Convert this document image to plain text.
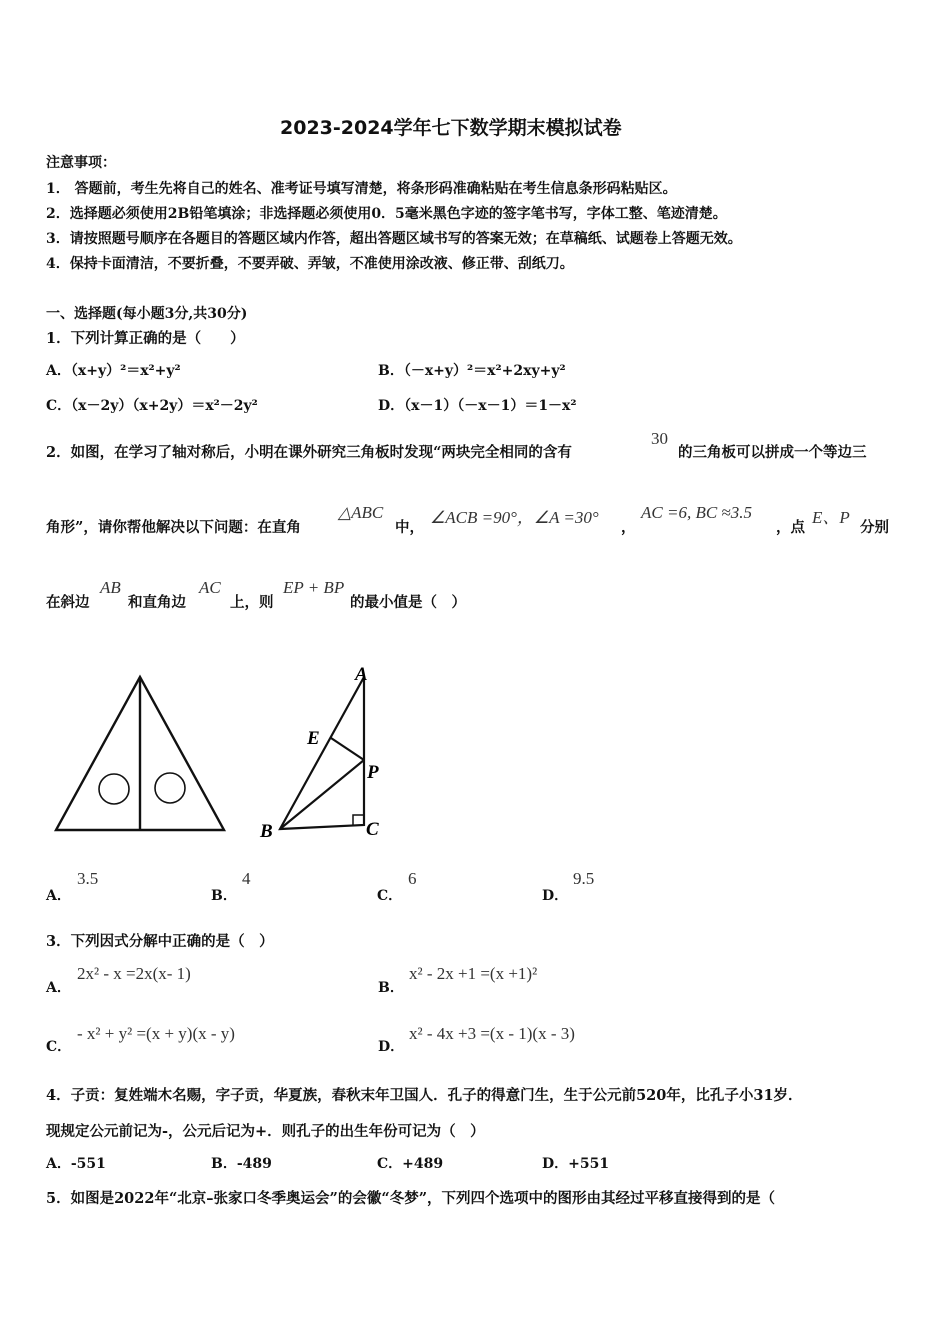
2023-2024学年七下数学期末模拟试卷
注意事项：
1． 答题前，考生先将自己的姓名、准考证号填写清楚，将条形码准确粘贴在考生信息条形码粘贴区。
2．选择题必须使用2B铅笔填涂；非选择题必须使用0．5毫米黑色字迹的签字笔书写，字体工整、笔迹清楚。
3．请按照题号顺序在各题目的答题区域内作答，超出答题区域书写的答案无效；在草稿纸、试题卷上答题无效。
4．保持卡面清洁，不要折叠，不要弄破、弄皱，不准使用涂改液、修正带、刮纸刀。
一、选择题(每小题3分,共30分)
1．下列计算正确的是（　　）
A．（x+y）²＝x²+y²	B．（－x+y）²＝x²+2xy+y²
C．（x－2y）（x+2y）＝x²－2y²	D．（x－1）（－x－1）＝1－x²
2．如图，在学习了轴对称后，小明在课外研究三角板时发现“两块完全相同的含有
30
的三角板可以拼成一个等边三
角形”，请你帮他解决以下问题：在直角
△ABC
中，
∠ACB =90°，∠A =30°
，
AC =6, BC ≈3.5
，点
E、P
分别
在斜边
AB
和直角边
AC
上，则
EP + BP
的最小值是（　）
A
E
P
B	C
A．
3.5
B．
4
C．
6
D．
9.5
3．下列因式分解中正确的是（　）
A．
2x² - x =2x(x- 1)
B．
x² - 2x +1 =(x +1)²
C．
- x² + y² =(x + y)(x - y)
D．
x² - 4x +3 =(x - 1)(x - 3)
4．子贡：复姓端木名赐，字子贡，华夏族，春秋末年卫国人．孔子的得意门生，生于公元前520年，比孔子小31岁．
现规定公元前记为-，公元后记为+．则孔子的出生年份可记为（　）
A．-551	B．-489	C．+489	D．+551
5．如图是2022年“北京–张家口冬季奥运会”的会徽“冬梦”，下列四个选项中的图形由其经过平移直接得到的是（
